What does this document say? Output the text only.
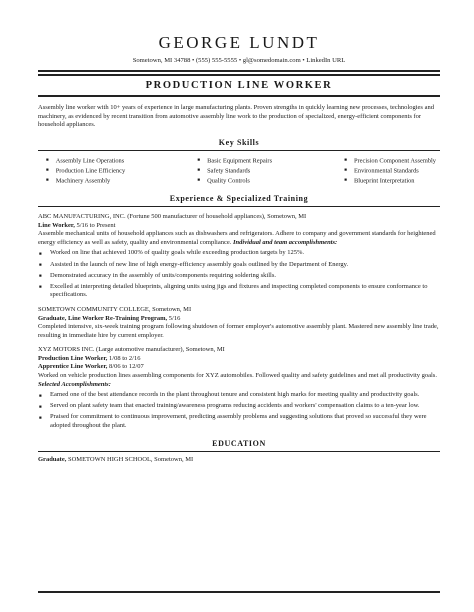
GEORGE LUNDT
Sometown, MI 34788 • (555) 555-5555 • gl@somedomain.com • LinkedIn URL
PRODUCTION LINE WORKER
Assembly line worker with 10+ years of experience in large manufacturing plants. Proven strengths in quickly learning new processes, technologies and machinery, as evidenced by recent transition from automotive assembly line work to the production of specialized, energy-efficient components for household appliances.
Key Skills
■ Assembly Line Operations
■ Production Line Efficiency
■ Machinery Assembly
■ Basic Equipment Repairs
■ Safety Standards
■ Quality Controls
■ Precision Component Assembly
■ Environmental Standards
■ Blueprint Interpretation
Experience & Specialized Training
ABC MANUFACTURING, INC. (Fortune 500 manufacturer of household appliances), Sometown, MI
Line Worker, 5/16 to Present
Assemble mechanical units of household appliances such as dishwashers and refrigerators. Adhere to company and government standards for heightened energy efficiency as well as safety, quality and environmental compliance. Individual and team accomplishments:
■ Worked on line that achieved 100% of quality goals while exceeding production targets by 125%.
■ Assisted in the launch of new line of high energy-efficiency assembly goals outlined by the Department of Energy.
■ Demonstrated accuracy in the assembly of units/components requiring soldering skills.
■ Excelled at interpreting detailed blueprints, aligning units using jigs and fixtures and inspecting completed components to ensure conformance to specifications.
SOMETOWN COMMUNITY COLLEGE, Sometown, MI
Graduate, Line Worker Re-Training Program, 5/16
Completed intensive, six-week training program following shutdown of former employer's automotive assembly plant. Mastered new assembly line trade, resulting in immediate hire by current employer.
XYZ MOTORS INC. (Large automotive manufacturer), Sometown, MI
Production Line Worker, 1/08 to 2/16
Apprentice Line Worker, 8/06 to 12/07
Worked on vehicle production lines assembling components for XYZ automobiles. Followed quality and safety guidelines and met all productivity goals.
Selected Accomplishments:
■ Earned one of the best attendance records in the plant throughout tenure and consistent high marks for meeting quality and productivity goals.
■ Served on plant safety team that enacted training/awareness programs reducing accidents and workers' compensation claims to a ten-year low.
■ Praised for commitment to continuous improvement, predicting assembly problems and suggesting solutions that proved so successful they were adopted throughout the plant.
EDUCATION
Graduate, SOMETOWN HIGH SCHOOL, Sometown, MI
